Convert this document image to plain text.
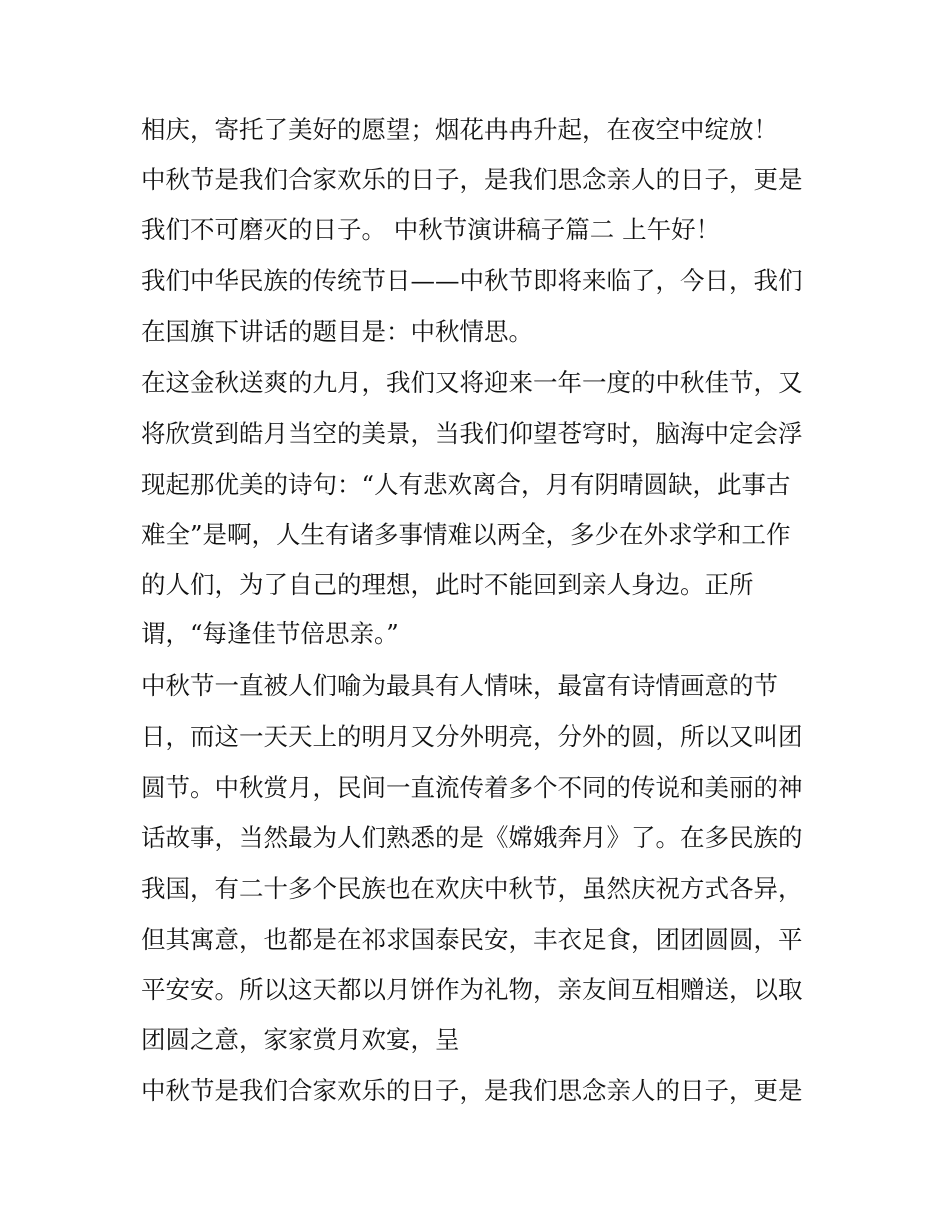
相庆，寄托了美好的愿望；烟花冉冉升起，在夜空中绽放！
中秋节是我们合家欢乐的日子，是我们思念亲人的日子，更是
我们不可磨灭的日子。 中秋节演讲稿子篇二 上午好！
我们中华民族的传统节日——中秋节即将来临了，今日，我们
在国旗下讲话的题目是：中秋情思。
在这金秋送爽的九月，我们又将迎来一年一度的中秋佳节，又
将欣赏到皓月当空的美景，当我们仰望苍穹时，脑海中定会浮
现起那优美的诗句：“人有悲欢离合，月有阴晴圆缺，此事古
难全”是啊，人生有诸多事情难以两全，多少在外求学和工作
的人们，为了自己的理想，此时不能回到亲人身边。正所
谓，“每逢佳节倍思亲。”
中秋节一直被人们喻为最具有人情味，最富有诗情画意的节
日，而这一天天上的明月又分外明亮，分外的圆，所以又叫团
圆节。中秋赏月，民间一直流传着多个不同的传说和美丽的神
话故事，当然最为人们熟悉的是《嫦娥奔月》了。在多民族的
我国，有二十多个民族也在欢庆中秋节，虽然庆祝方式各异，
但其寓意，也都是在祁求国泰民安，丰衣足食，团团圆圆，平
平安安。所以这天都以月饼作为礼物，亲友间互相赠送，以取
团圆之意，家家赏月欢宴，呈
中秋节是我们合家欢乐的日子，是我们思念亲人的日子，更是
